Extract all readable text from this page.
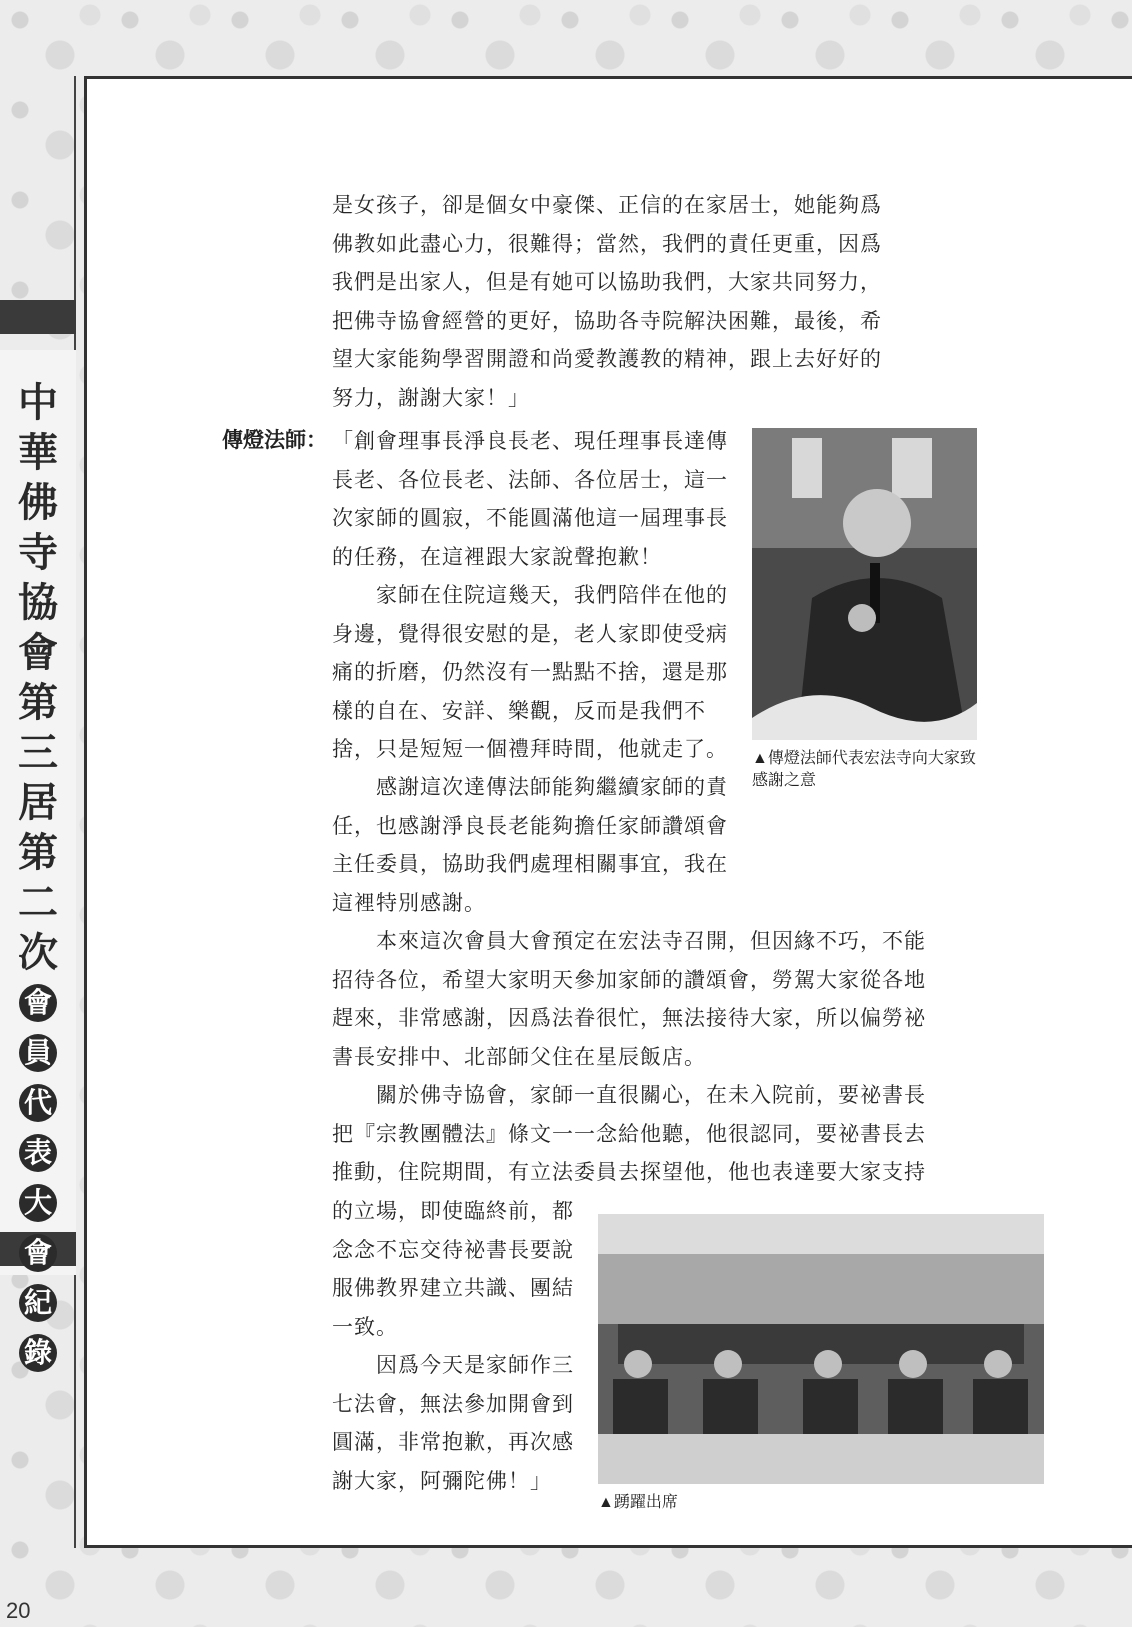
中
華
佛
寺
協
會
第
三
居
第
二
次
會
員
代
表
大
會
紀
錄

是女孩子，卻是個女中豪傑、正信的在家居士，她能夠爲佛教如此盡心力，很難得；當然，我們的責任更重，因爲我們是出家人，但是有她可以協助我們，大家共同努力，把佛寺協會經營的更好，協助各寺院解決困難，最後，希望大家能夠學習開證和尚愛教護教的精神，跟上去好好的努力，謝謝大家！」

傳燈法師： 「創會理事長淨良長老、現任理事長達傳長老、各位長老、法師、各位居士，這一次家師的圓寂，不能圓滿他這一屆理事長的任務，在這裡跟大家說聲抱歉！

家師在住院這幾天，我們陪伴在他的身邊，覺得很安慰的是，老人家即使受病痛的折磨，仍然沒有一點點不捨，還是那樣的自在、安詳、樂觀，反而是我們不捨，只是短短一個禮拜時間，他就走了。

感謝這次達傳法師能夠繼續家師的責任，也感謝淨良長老能夠擔任家師讚頌會主任委員，協助我們處理相關事宜，我在這裡特別感謝。

本來這次會員大會預定在宏法寺召開，但因緣不巧，不能招待各位，希望大家明天參加家師的讚頌會，勞駕大家從各地趕來，非常感謝，因爲法眷很忙，無法接待大家，所以偏勞祕書長安排中、北部師父住在星辰飯店。

關於佛寺協會，家師一直很關心，在未入院前，要祕書長把『宗教團體法』條文一一念給他聽，他很認同，要祕書長去推動，住院期間，有立法委員去探望他，他也表達要大家支持

的立場，即使臨終前，都念念不忘交待祕書長要說服佛教界建立共識、團結一致。

因爲今天是家師作三七法會，無法參加開會到圓滿，非常抱歉，再次感謝大家，阿彌陀佛！」

▲傳燈法師代表宏法寺向大家致感謝之意
▲踴躍出席
20
